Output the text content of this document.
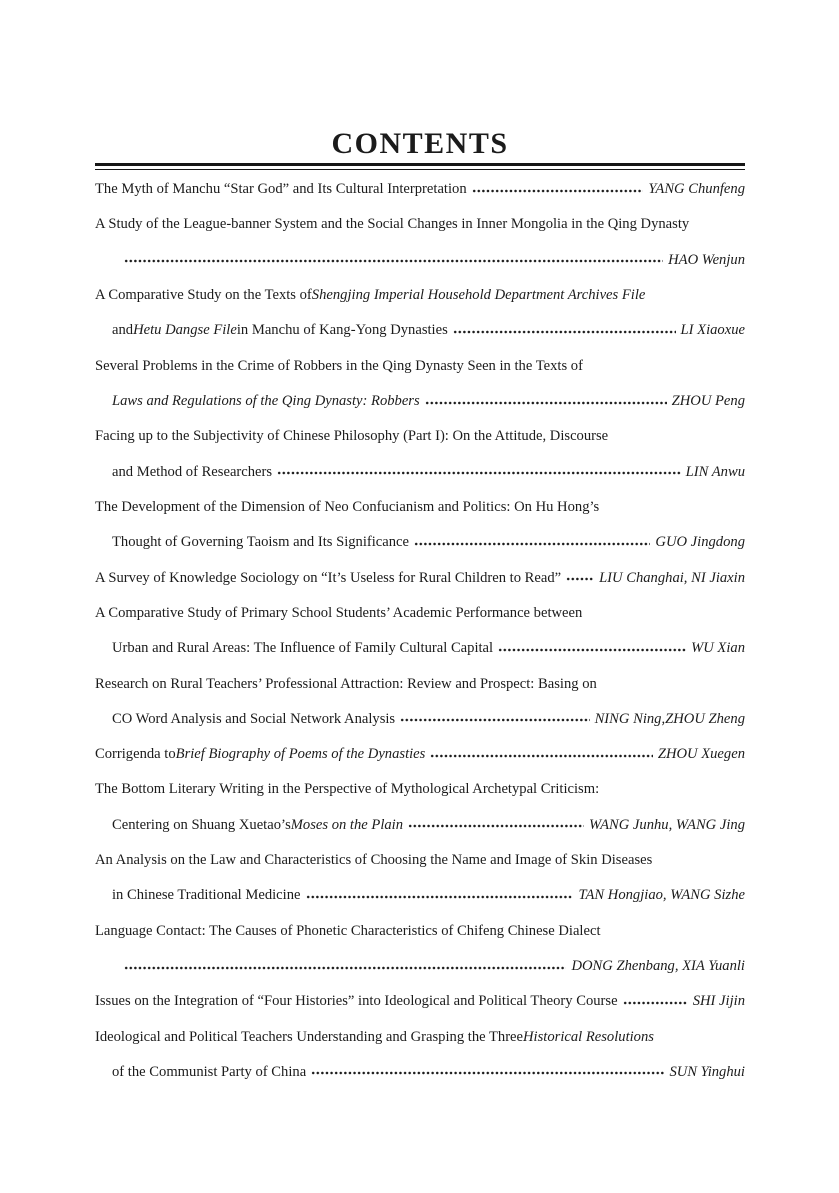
CONTENTS
The Myth of Manchu “Star God” and Its Cultural Interpretation	YANG Chunfeng
A Study of the League-banner System and the Social Changes in Inner Mongolia in the Qing Dynasty
HAO Wenjun
A Comparative Study on the Texts of Shengjing Imperial Household Department Archives File
and Hetu Dangse File in Manchu of Kang-Yong Dynasties	LI Xiaoxue
Several Problems in the Crime of Robbers in the Qing Dynasty Seen in the Texts of
Laws and Regulations of the Qing Dynasty: Robbers	ZHOU Peng
Facing up to the Subjectivity of Chinese Philosophy (Part I): On the Attitude, Discourse
and Method of Researchers	LIN Anwu
The Development of the Dimension of Neo Confucianism and Politics: On Hu Hong’s
Thought of Governing Taoism and Its Significance	GUO Jingdong
A Survey of Knowledge Sociology on “It’s Useless for Rural Children to Read”	LIU Changhai, NI Jiaxin
A Comparative Study of Primary School Students’ Academic Performance between
Urban and Rural Areas: The Influence of Family Cultural Capital	WU Xian
Research on Rural Teachers’ Professional Attraction: Review and Prospect: Basing on
CO Word Analysis and Social Network Analysis	NING Ning,ZHOU Zheng
Corrigenda to Brief Biography of Poems of the Dynasties	ZHOU Xuegen
The Bottom Literary Writing in the Perspective of Mythological Archetypal Criticism:
Centering on Shuang Xuetao’s Moses on the Plain	WANG Junhu, WANG Jing
An Analysis on the Law and Characteristics of Choosing the Name and Image of Skin Diseases
in Chinese Traditional Medicine	TAN Hongjiao, WANG Sizhe
Language Contact: The Causes of Phonetic Characteristics of Chifeng Chinese Dialect
DONG Zhenbang, XIA Yuanli
Issues on the Integration of “Four Histories” into Ideological and Political Theory Course	SHI Jijin
Ideological and Political Teachers Understanding and Grasping the Three Historical Resolutions
of the Communist Party of China	SUN Yinghui
